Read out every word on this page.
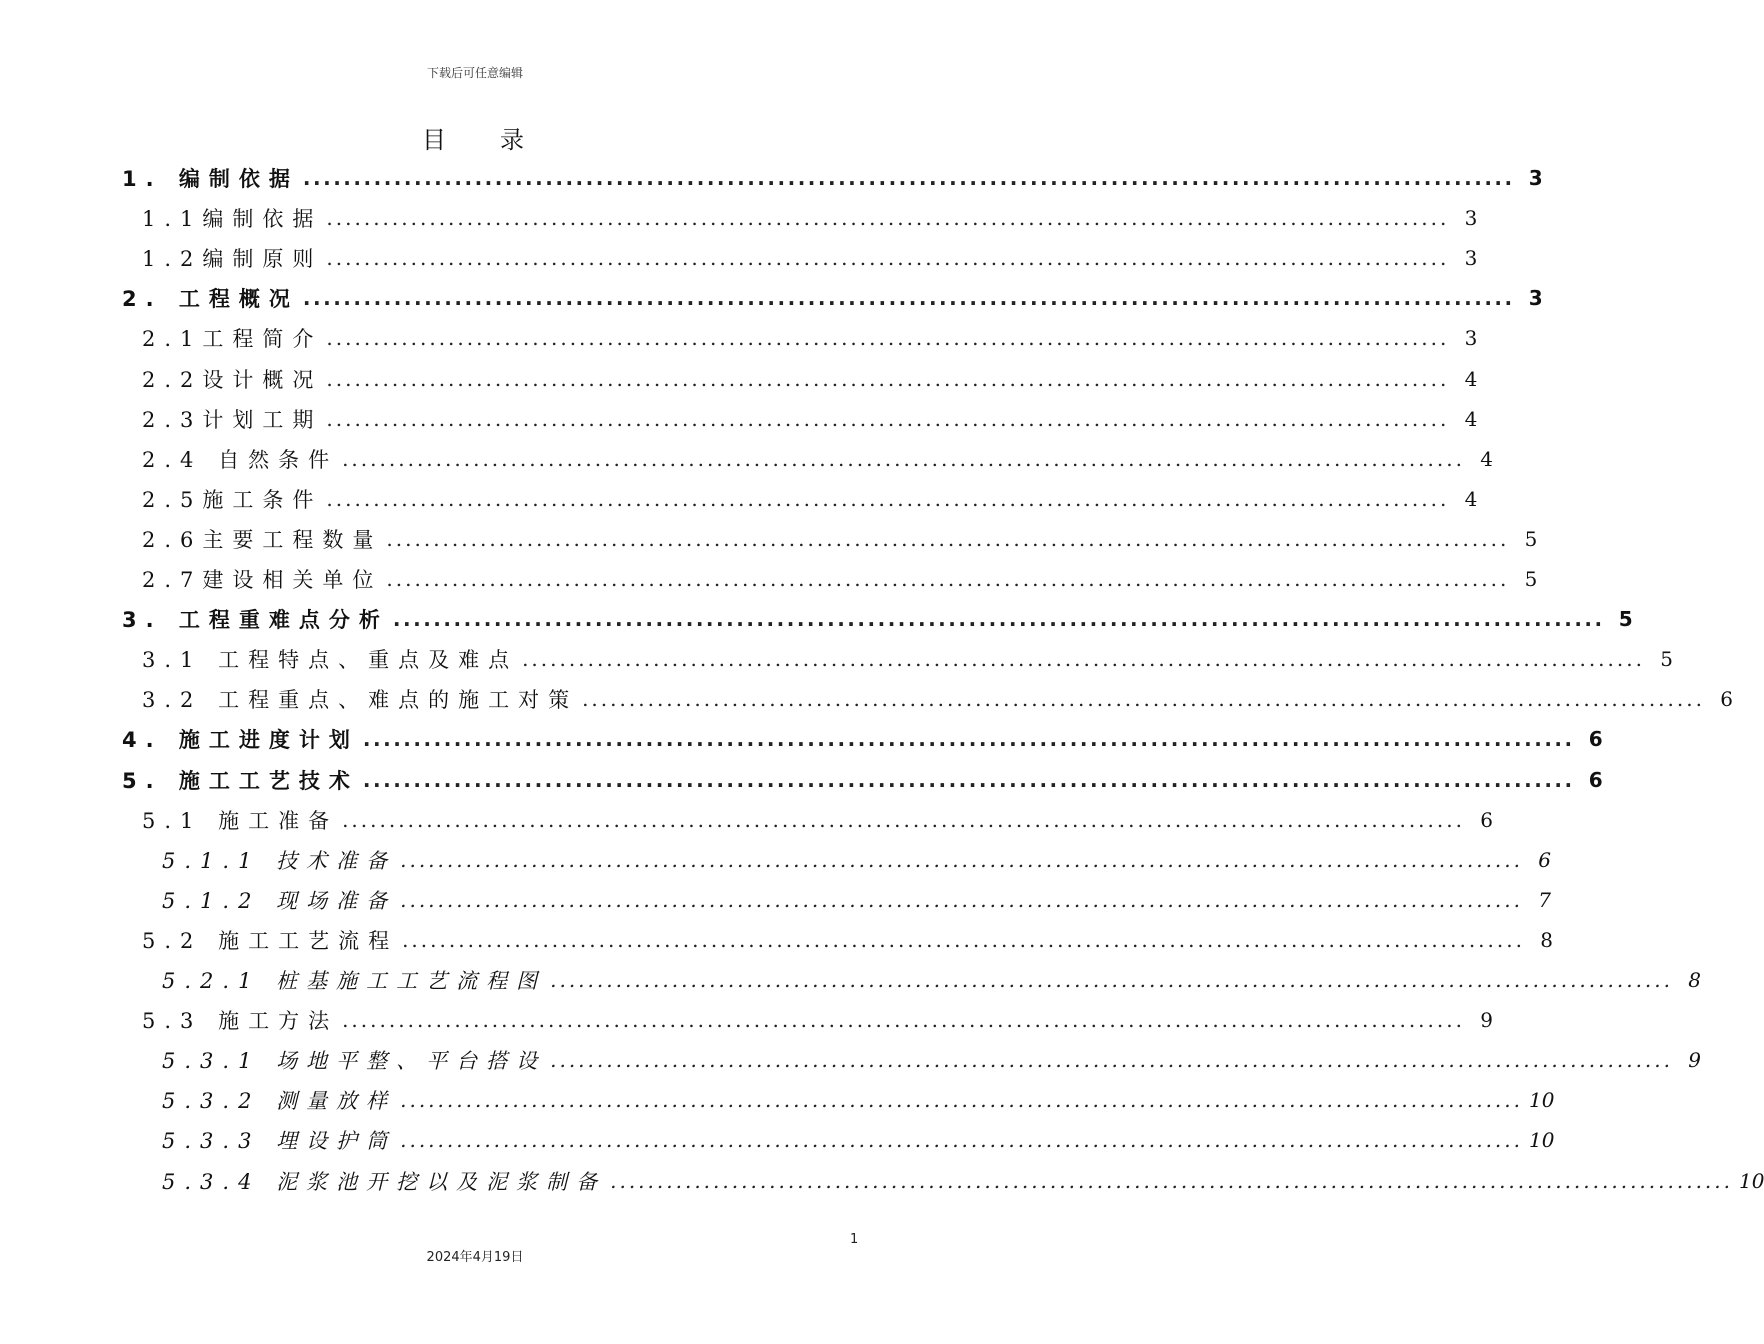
下载后可任意编辑
目 录
1. 编制依据 ........................................................................................................................ 3
1.1编制依据 ........................................................................................................................ 3
1.2编制原则 ........................................................................................................................ 3
2. 工程概况 ........................................................................................................................ 3
2.1工程简介 ........................................................................................................................ 3
2.2设计概况 ........................................................................................................................ 4
2.3计划工期 ........................................................................................................................ 4
2.4 自然条件 ........................................................................................................................ 4
2.5施工条件 ........................................................................................................................ 4
2.6主要工程数量 ........................................................................................................................ 5
2.7建设相关单位 ........................................................................................................................ 5
3. 工程重难点分析 ........................................................................................................................ 5
3.1 工程特点、重点及难点 ........................................................................................................................ 5
3.2 工程重点、难点的施工对策 ........................................................................................................................ 6
4. 施工进度计划 ........................................................................................................................ 6
5. 施工工艺技术 ........................................................................................................................ 6
5.1 施工准备 ........................................................................................................................ 6
5.1.1 技术准备 ........................................................................................................................ 6
5.1.2 现场准备 ........................................................................................................................ 7
5.2 施工工艺流程 ........................................................................................................................ 8
5.2.1 桩基施工工艺流程图 ........................................................................................................................ 8
5.3 施工方法 ........................................................................................................................ 9
5.3.1 场地平整、平台搭设 ........................................................................................................................ 9
5.3.2 测量放样 ........................................................................................................................ 10
5.3.3 埋设护筒 ........................................................................................................................ 10
5.3.4 泥浆池开挖以及泥浆制备 ........................................................................................................................ 10
1
2024年4月19日
